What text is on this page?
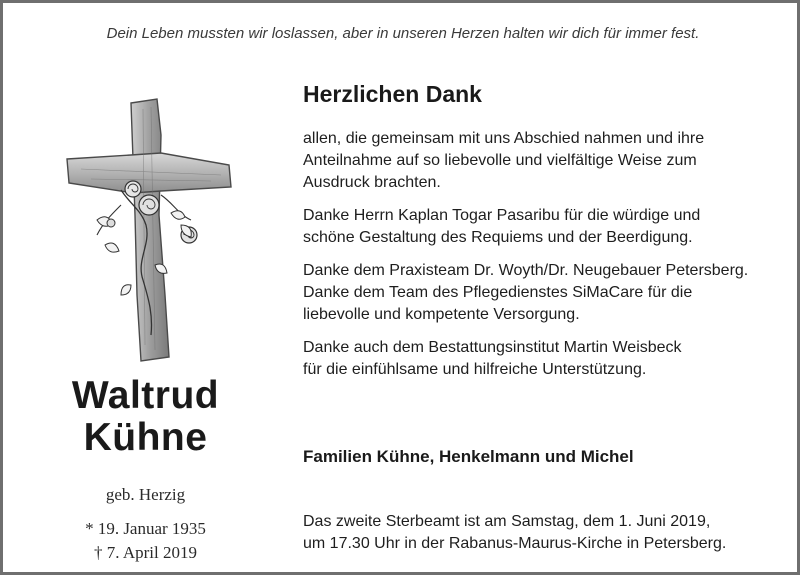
Dein Leben mussten wir loslassen, aber in unseren Herzen halten wir dich für immer fest.
Waltrud
Kühne
geb. Herzig
* 19. Januar 1935
† 7. April 2019
Herzlichen Dank

allen, die gemeinsam mit uns Abschied nahmen und ihre
Anteilnahme auf so liebevolle und vielfältige Weise zum
Ausdruck brachten.

Danke Herrn Kaplan Togar Pasaribu für die würdige und
schöne Gestaltung des Requiems und der Beerdigung.

Danke dem Praxisteam Dr. Woyth/Dr. Neugebauer Petersberg.
Danke dem Team des Pflegedienstes SiMaCare für die
liebevolle und kompetente Versorgung.

Danke auch dem Bestattungsinstitut Martin Weisbeck
für die einfühlsame und hilfreiche Unterstützung.

Familien Kühne, Henkelmann und Michel
Das zweite Sterbeamt ist am Samstag, dem 1. Juni 2019,
um 17.30 Uhr in der Rabanus-Maurus-Kirche in Petersberg.
